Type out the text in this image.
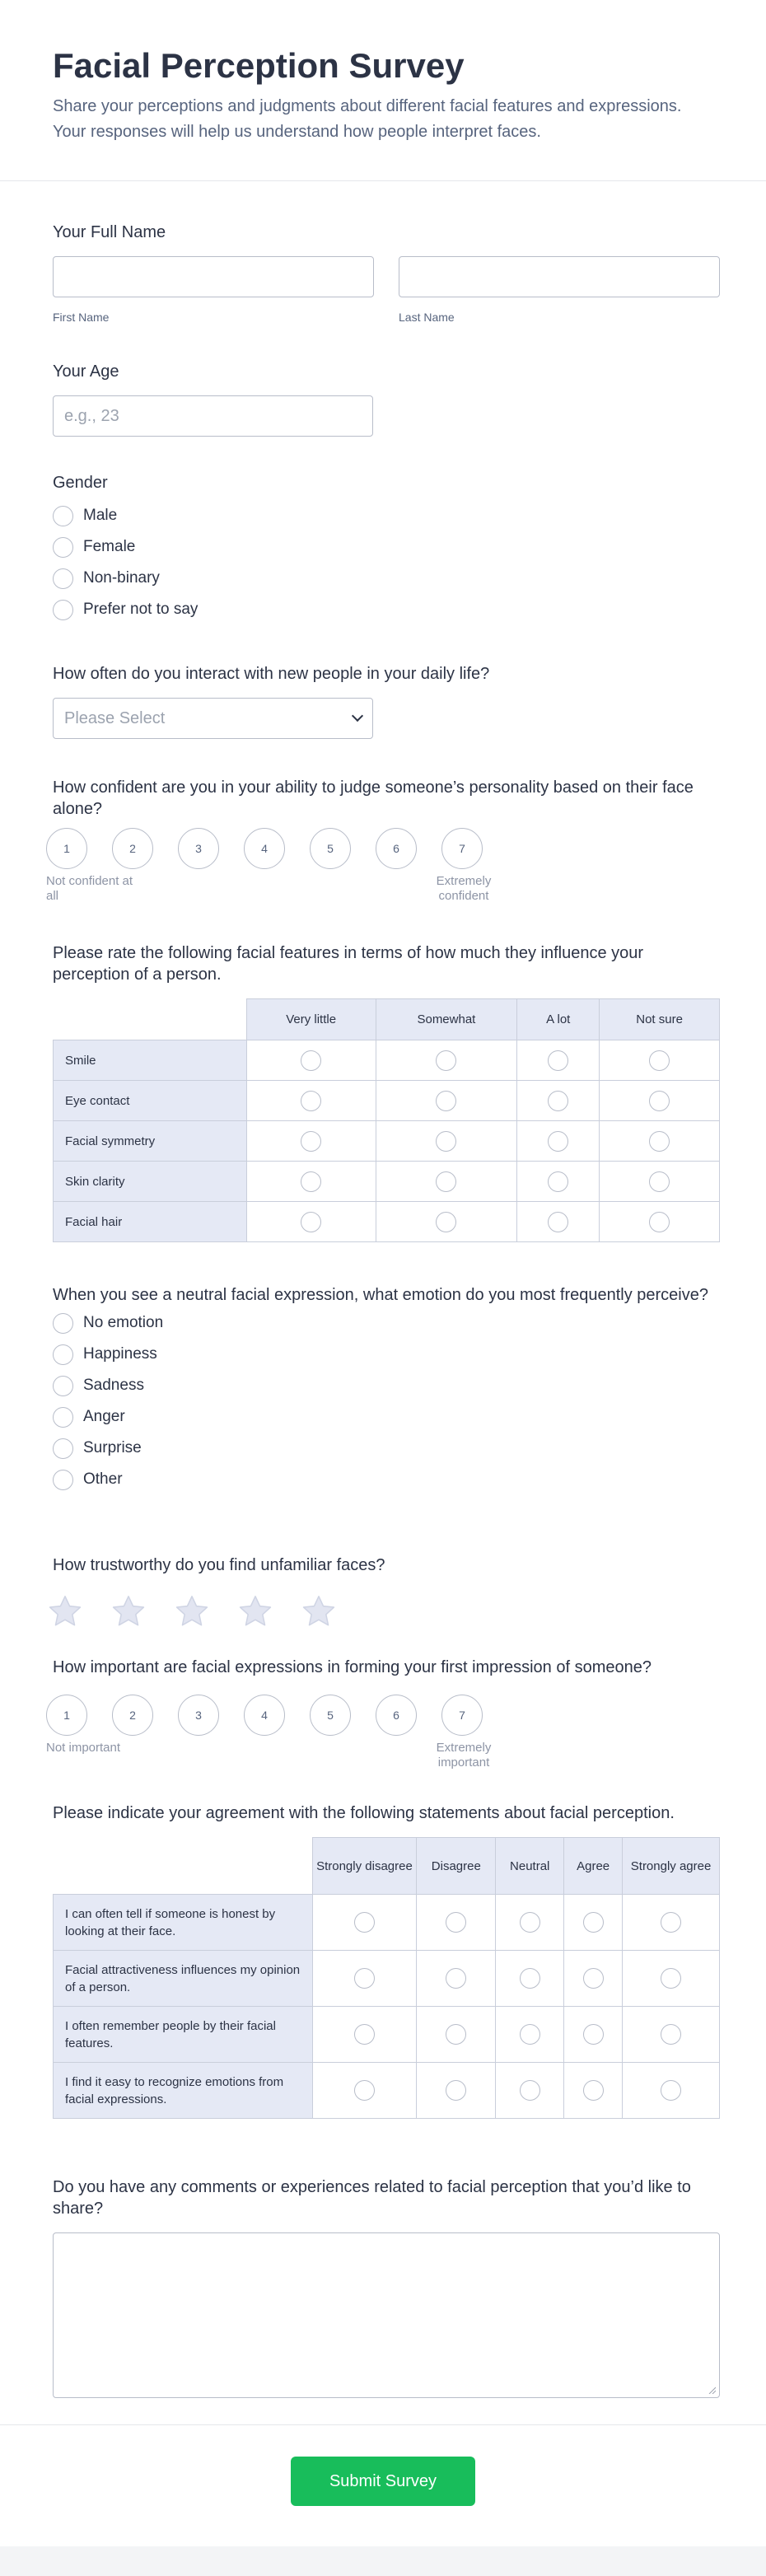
Facial Perception Survey
Share your perceptions and judgments about different facial features and expressions. Your responses will help us understand how people interpret faces.
Your Full Name
First Name	Last Name
Your Age
e.g., 23
Gender
Male
Female
Non-binary
Prefer not to say
How often do you interact with new people in your daily life?
Please Select
How confident are you in your ability to judge someone’s personality based on their face alone?
1	2	3	4	5	6	7
Not confident at all
Extremely confident
Please rate the following facial features in terms of how much they influence your perception of a person.
	Very little	Somewhat	A lot	Not sure
Smile				
Eye contact				
Facial symmetry				
Skin clarity				
Facial hair				
When you see a neutral facial expression, what emotion do you most frequently perceive?
No emotion
Happiness
Sadness
Anger
Surprise
Other
How trustworthy do you find unfamiliar faces?
How important are facial expressions in forming your first impression of someone?
1	2	3	4	5	6	7
Not important	Extremely important
Please indicate your agreement with the following statements about facial perception.
	Strongly disagree	Disagree	Neutral	Agree	Strongly agree
I can often tell if someone is honest by looking at their face.					
Facial attractiveness influences my opinion of a person.					
I often remember people by their facial features.					
I find it easy to recognize emotions from facial expressions.					
Do you have any comments or experiences related to facial perception that you’d like to share?
Submit Survey
